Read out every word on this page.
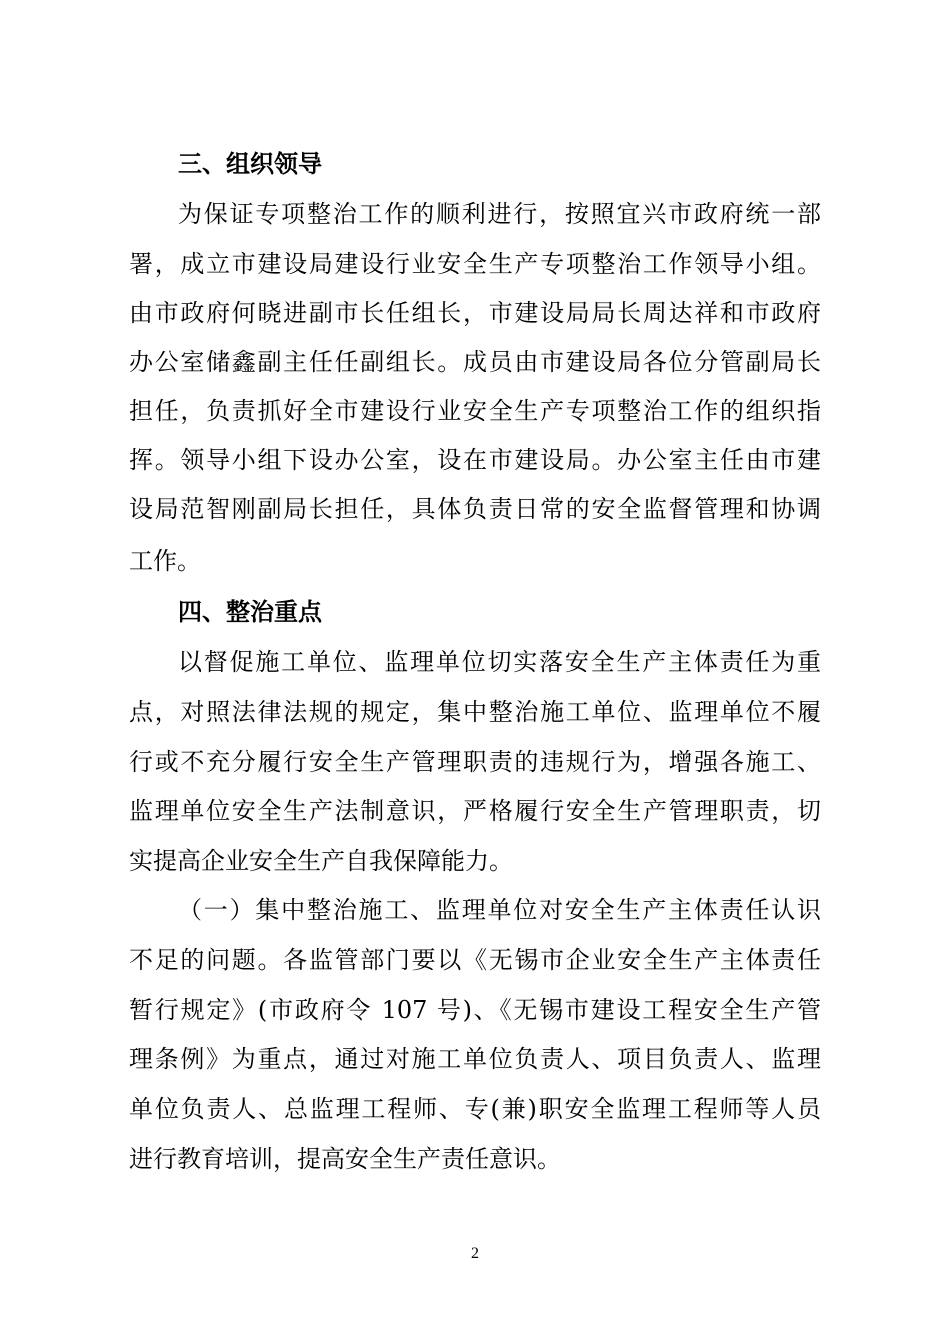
三、组织领导
为保证专项整治工作的顺利进行，按照宜兴市政府统一部
署，成立市建设局建设行业安全生产专项整治工作领导小组。
由市政府何晓进副市长任组长，市建设局局长周达祥和市政府
办公室储鑫副主任任副组长。成员由市建设局各位分管副局长
担任，负责抓好全市建设行业安全生产专项整治工作的组织指
挥。领导小组下设办公室，设在市建设局。办公室主任由市建
设局范智刚副局长担任，具体负责日常的安全监督管理和协调
工作。
四、整治重点
以督促施工单位、监理单位切实落安全生产主体责任为重
点，对照法律法规的规定，集中整治施工单位、监理单位不履
行或不充分履行安全生产管理职责的违规行为，增强各施工、
监理单位安全生产法制意识，严格履行安全生产管理职责，切
实提高企业安全生产自我保障能力。
（一）集中整治施工、监理单位对安全生产主体责任认识
不足的问题。各监管部门要以《无锡市企业安全生产主体责任
暂行规定》(市政府令 107 号)、《无锡市建设工程安全生产管
理条例》为重点，通过对施工单位负责人、项目负责人、监理
单位负责人、总监理工程师、专(兼)职安全监理工程师等人员
进行教育培训，提高安全生产责任意识。
2
